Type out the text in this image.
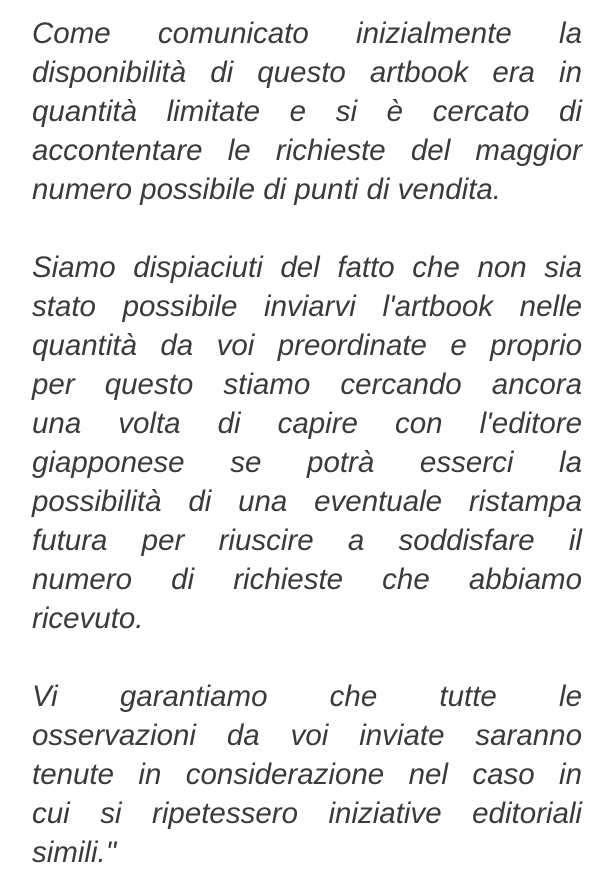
Come comunicato inizialmente la
disponibilità di questo artbook era in
quantità limitate e si è cercato di
accontentare le richieste del maggior
numero possibile di punti di vendita.

Siamo dispiaciuti del fatto che non sia
stato possibile inviarvi l'artbook nelle
quantità da voi preordinate e proprio
per questo stiamo cercando ancora
una volta di capire con l'editore
giapponese se potrà esserci la
possibilità di una eventuale ristampa
futura per riuscire a soddisfare il
numero di richieste che abbiamo
ricevuto.

Vi garantiamo che tutte le
osservazioni da voi inviate saranno
tenute in considerazione nel caso in
cui si ripetessero iniziative editoriali
simili."
